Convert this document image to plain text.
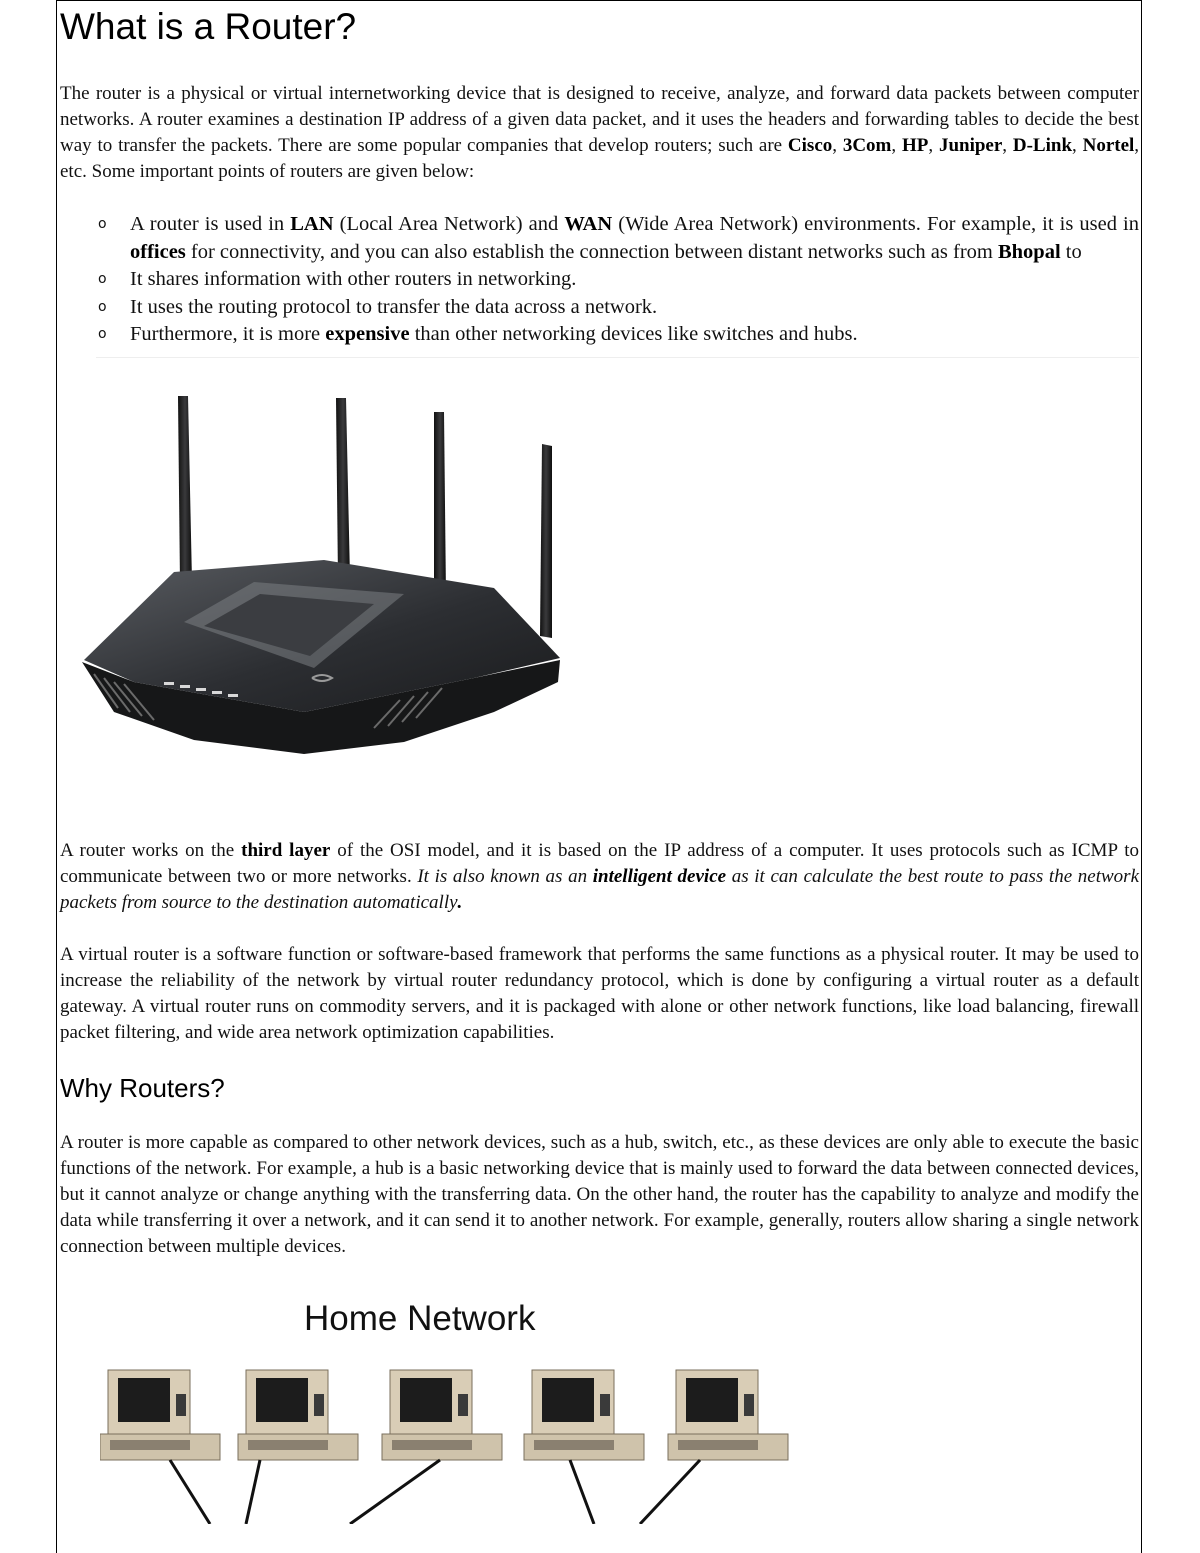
What is a Router?

The router is a physical or virtual internetworking device that is designed to receive, analyze, and forward data packets between computer networks. A router examines a destination IP address of a given data packet, and it uses the headers and forwarding tables to decide the best way to transfer the packets. There are some popular companies that develop routers; such are Cisco, 3Com, HP, Juniper, D-Link, Nortel, etc. Some important points of routers are given below:

o A router is used in LAN (Local Area Network) and WAN (Wide Area Network) environments. For example, it is used in offices for connectivity, and you can also establish the connection between distant networks such as from Bhopal to
o It shares information with other routers in networking.
o It uses the routing protocol to transfer the data across a network.
o Furthermore, it is more expensive than other networking devices like switches and hubs.

A router works on the third layer of the OSI model, and it is based on the IP address of a computer. It uses protocols such as ICMP to communicate between two or more networks. It is also known as an intelligent device as it can calculate the best route to pass the network packets from source to the destination automatically.

A virtual router is a software function or software-based framework that performs the same functions as a physical router. It may be used to increase the reliability of the network by virtual router redundancy protocol, which is done by configuring a virtual router as a default gateway. A virtual router runs on commodity servers, and it is packaged with alone or other network functions, like load balancing, firewall packet filtering, and wide area network optimization capabilities.

Why Routers?

A router is more capable as compared to other network devices, such as a hub, switch, etc., as these devices are only able to execute the basic functions of the network. For example, a hub is a basic networking device that is mainly used to forward the data between connected devices, but it cannot analyze or change anything with the transferring data. On the other hand, the router has the capability to analyze and modify the data while transferring it over a network, and it can send it to another network. For example, generally, routers allow sharing a single network connection between multiple devices.

Home Network
